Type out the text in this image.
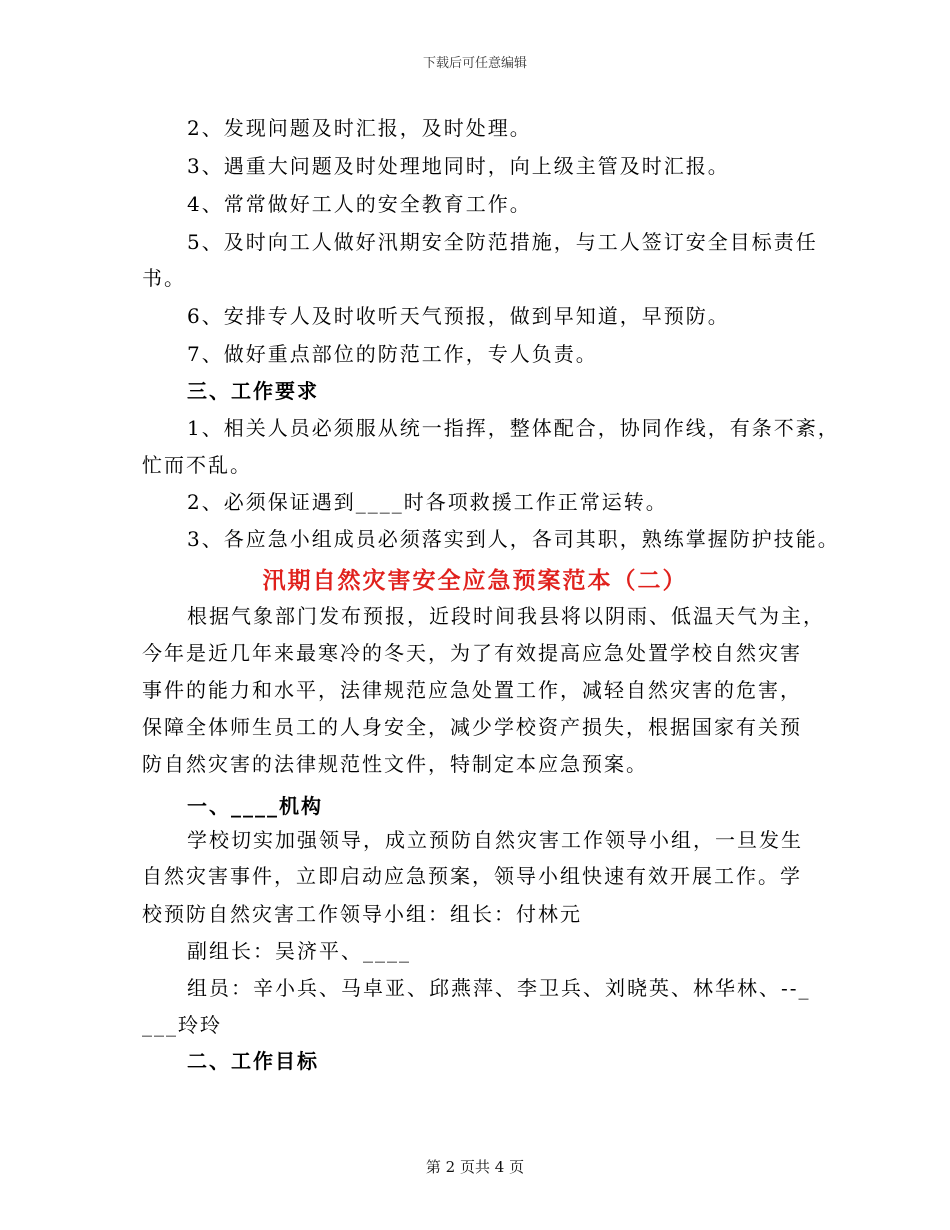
下载后可任意编辑
2、发现问题及时汇报，及时处理。
3、遇重大问题及时处理地同时，向上级主管及时汇报。
4、常常做好工人的安全教育工作。
5、及时向工人做好汛期安全防范措施，与工人签订安全目标责任
书。
6、安排专人及时收听天气预报，做到早知道，早预防。
7、做好重点部位的防范工作，专人负责。
三、工作要求
1、相关人员必须服从统一指挥，整体配合，协同作线，有条不紊，
忙而不乱。
2、必须保证遇到____时各项救援工作正常运转。
3、各应急小组成员必须落实到人，各司其职，熟练掌握防护技能。
汛期自然灾害安全应急预案范本（二）
根据气象部门发布预报，近段时间我县将以阴雨、低温天气为主，
今年是近几年来最寒冷的冬天，为了有效提高应急处置学校自然灾害
事件的能力和水平，法律规范应急处置工作，减轻自然灾害的危害，
保障全体师生员工的人身安全，减少学校资产损失，根据国家有关预
防自然灾害的法律规范性文件，特制定本应急预案。
一、____机构
学校切实加强领导，成立预防自然灾害工作领导小组，一旦发生
自然灾害事件，立即启动应急预案，领导小组快速有效开展工作。学
校预防自然灾害工作领导小组：组长：付林元
副组长：吴济平、____
组员：辛小兵、马卓亚、邱燕萍、李卫兵、刘晓英、林华林、--_
___玲玲
二、工作目标
第 2 页共 4 页
